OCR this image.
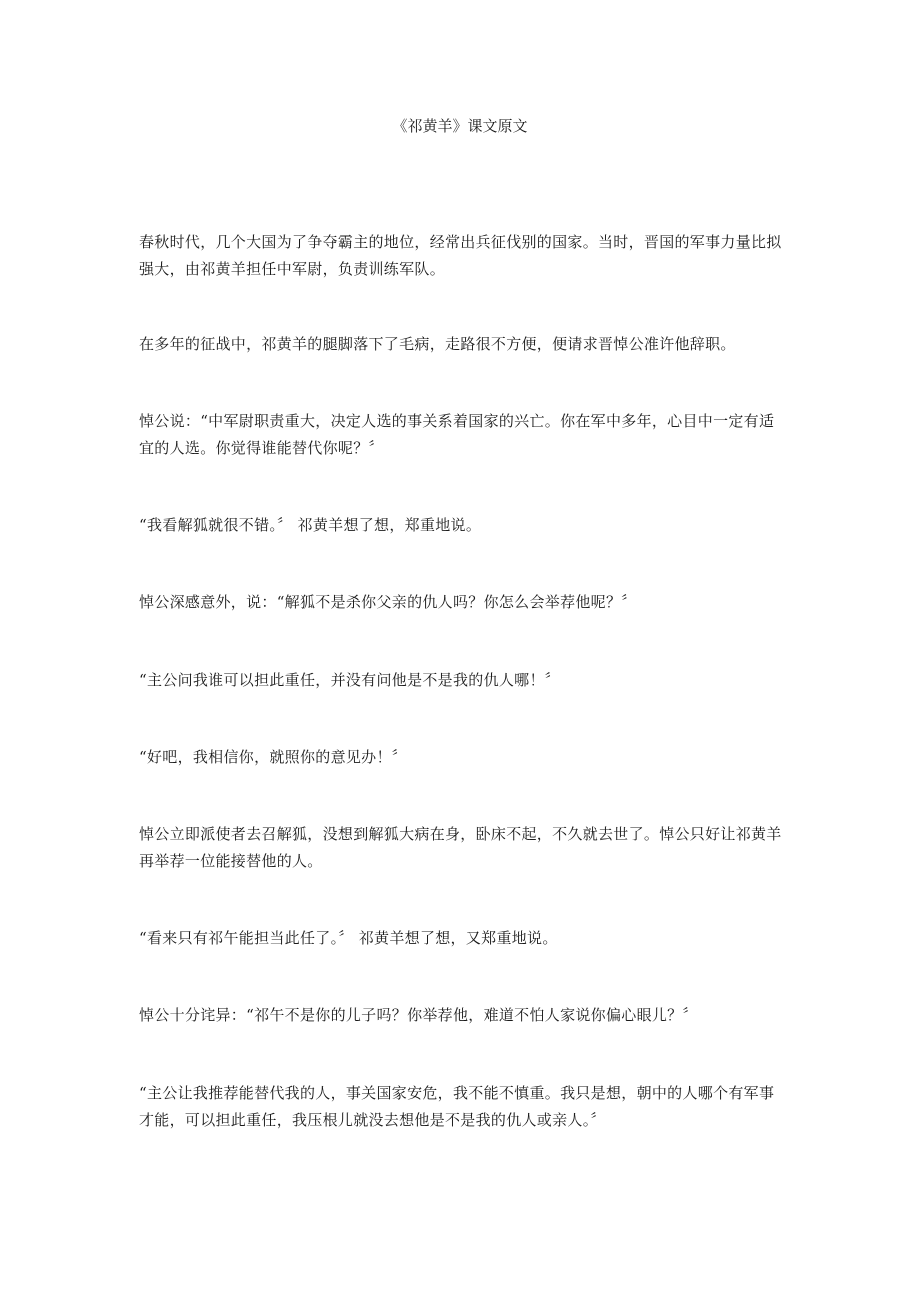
《祁黄羊》课文原文

春秋时代，几个大国为了争夺霸主的地位，经常出兵征伐别的国家。当时，晋国的军事力量比拟强大，由祁黄羊担任中军尉，负责训练军队。

在多年的征战中，祁黄羊的腿脚落下了毛病，走路很不方便，便请求晋悼公准许他辞职。

悼公说：“中军尉职责重大，决定人选的事关系着国家的兴亡。你在军中多年，心目中一定有适宜的人选。你觉得谁能替代你呢？〞

“我看解狐就很不错。〞 祁黄羊想了想，郑重地说。

悼公深感意外，说：“解狐不是杀你父亲的仇人吗？你怎么会举荐他呢？〞

“主公问我谁可以担此重任，并没有问他是不是我的仇人哪！〞

“好吧，我相信你，就照你的意见办！〞

悼公立即派使者去召解狐，没想到解狐大病在身，卧床不起，不久就去世了。悼公只好让祁黄羊再举荐一位能接替他的人。

“看来只有祁午能担当此任了。〞 祁黄羊想了想，又郑重地说。

悼公十分诧异：“祁午不是你的儿子吗？你举荐他，难道不怕人家说你偏心眼儿？〞

“主公让我推荐能替代我的人，事关国家安危，我不能不慎重。我只是想，朝中的人哪个有军事才能，可以担此重任，我压根儿就没去想他是不是我的仇人或亲人。〞
